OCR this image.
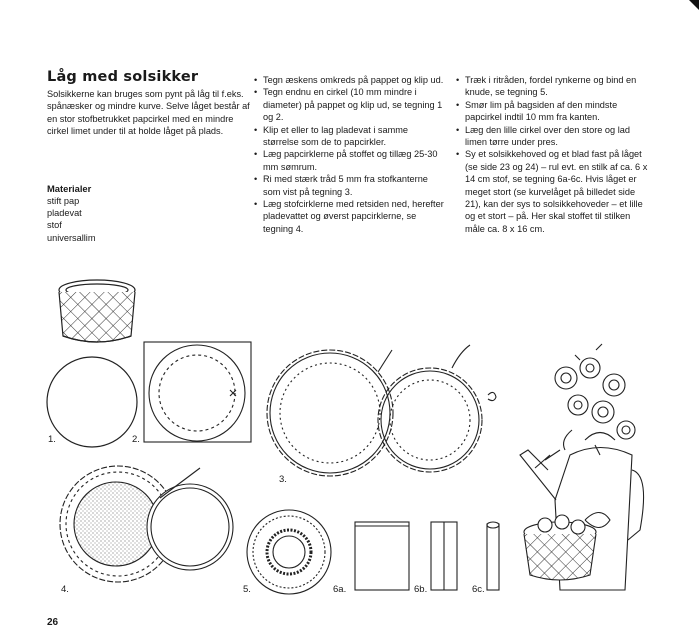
Låg med solsikker
Solsikkerne kan bruges som pynt på låg til f.eks. spånæsker og mindre kurve. Selve låget består af en stor stofbetrukket papcirkel med en mindre cirkel limet under til at holde låget på plads.
Materialer
stift pap
pladevat
stof
universallim
• Tegn æskens omkreds på pappet og klip ud.
• Tegn endnu en cirkel (10 mm mindre i diameter) på pappet og klip ud, se tegning 1 og 2.
• Klip et eller to lag pladevat i samme størrelse som de to papcirkler.
• Læg papcirklerne på stoffet og tillæg 25-30 mm sømrum.
• Ri med stærk tråd 5 mm fra stofkanterne som vist på tegning 3.
• Læg stofcirklerne med retsiden ned, herefter pladevattet og øverst papcirklerne, se tegning 4.
• Træk i ritråden, fordel rynkerne og bind en knude, se tegning 5.
• Smør lim på bagsiden af den mindste papcirkel indtil 10 mm fra kanten.
• Læg den lille cirkel over den store og lad limen tørre under pres.
• Sy et solsikkehoved og et blad fast på låget (se side 23 og 24) – rul evt. en stilk af ca. 6 x 14 cm stof, se tegning 6a-6c. Hvis låget er meget stort (se kurvelåget på billedet side 21), kan der sys to solsikkehoveder – et lille og et stort – på. Her skal stoffet til stilken måle ca. 8 x 16 cm.
1.	2.
3.
4.	5.	6a.	6b.	6c.
26
